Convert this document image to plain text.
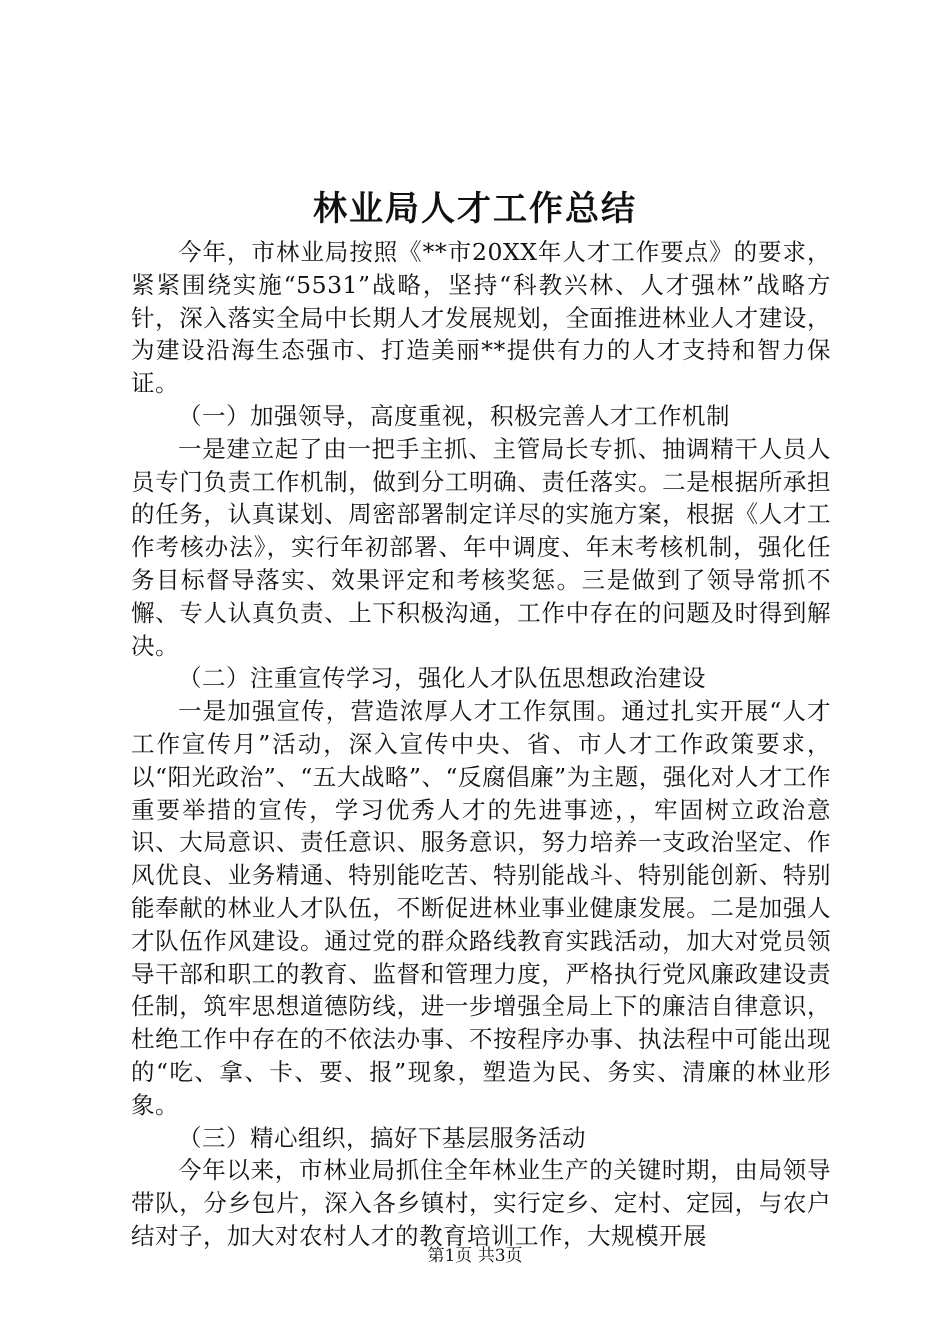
林业局人才工作总结

今年，市林业局按照《**市20XX年人才工作要点》的要求，紧紧围绕实施“5531”战略，坚持“科教兴林、人才强林”战略方针，深入落实全局中长期人才发展规划，全面推进林业人才建设，为建设沿海生态强市、打造美丽**提供有力的人才支持和智力保证。

（一）加强领导，高度重视，积极完善人才工作机制

一是建立起了由一把手主抓、主管局长专抓、抽调精干人员人员专门负责工作机制，做到分工明确、责任落实。二是根据所承担的任务，认真谋划、周密部署制定详尽的实施方案，根据《人才工作考核办法》，实行年初部署、年中调度、年末考核机制，强化任务目标督导落实、效果评定和考核奖惩。三是做到了领导常抓不懈、专人认真负责、上下积极沟通，工作中存在的问题及时得到解决。

（二）注重宣传学习，强化人才队伍思想政治建设

一是加强宣传，营造浓厚人才工作氛围。通过扎实开展“人才工作宣传月”活动，深入宣传中央、省、市人才工作政策要求，以“阳光政治”、“五大战略”、“反腐倡廉”为主题，强化对人才工作重要举措的宣传，学习优秀人才的先进事迹，，牢固树立政治意识、大局意识、责任意识、服务意识，努力培养一支政治坚定、作风优良、业务精通、特别能吃苦、特别能战斗、特别能创新、特别能奉献的林业人才队伍，不断促进林业事业健康发展。二是加强人才队伍作风建设。通过党的群众路线教育实践活动，加大对党员领导干部和职工的教育、监督和管理力度，严格执行党风廉政建设责任制，筑牢思想道德防线，进一步增强全局上下的廉洁自律意识，杜绝工作中存在的不依法办事、不按程序办事、执法程中可能出现的“吃、拿、卡、要、报”现象，塑造为民、务实、清廉的林业形象。

（三）精心组织，搞好下基层服务活动

今年以来，市林业局抓住全年林业生产的关键时期，由局领导带队，分乡包片，深入各乡镇村，实行定乡、定村、定园，与农户结对子，加大对农村人才的教育培训工作，大规模开展

第1页 共3页
